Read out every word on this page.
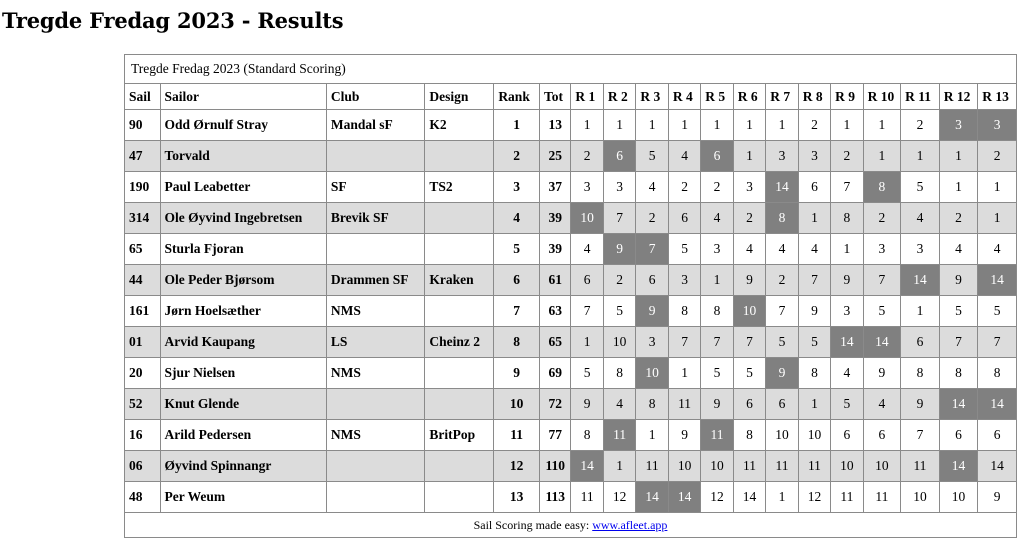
Tregde Fredag 2023 - Results
Tregde Fredag 2023 (Standard Scoring)																		
Sail	Sailor	Club	Design	Rank	Tot	R 1	R 2	R 3	R 4	R 5	R 6	R 7	R 8	R 9	R 10	R 11	R 12	R 13
90	Odd Ørnulf Stray	Mandal sF	K2	1	13	1	1	1	1	1	1	1	2	1	1	2	3	3
47	Torvald			2	25	2	6	5	4	6	1	3	3	2	1	1	1	2
190	Paul Leabetter	SF	TS2	3	37	3	3	4	2	2	3	14	6	7	8	5	1	1
314	Ole Øyvind Ingebretsen	Brevik SF		4	39	10	7	2	6	4	2	8	1	8	2	4	2	1
65	Sturla Fjoran			5	39	4	9	7	5	3	4	4	4	1	3	3	4	4
44	Ole Peder Bjørsom	Drammen SF	Kraken	6	61	6	2	6	3	1	9	2	7	9	7	14	9	14
161	Jørn Hoelsæther	NMS		7	63	7	5	9	8	8	10	7	9	3	5	1	5	5
01	Arvid Kaupang	LS	Cheinz 2	8	65	1	10	3	7	7	7	5	5	14	14	6	7	7
20	Sjur Nielsen	NMS		9	69	5	8	10	1	5	5	9	8	4	9	8	8	8
52	Knut Glende			10	72	9	4	8	11	9	6	6	1	5	4	9	14	14
16	Arild Pedersen	NMS	BritPop	11	77	8	11	1	9	11	8	10	10	6	6	7	6	6
06	Øyvind Spinnangr			12	110	14	1	11	10	10	11	11	11	10	10	11	14	14
48	Per Weum			13	113	11	12	14	14	12	14	1	12	11	11	10	10	9
Sail Scoring made easy: www.afleet.app																		
